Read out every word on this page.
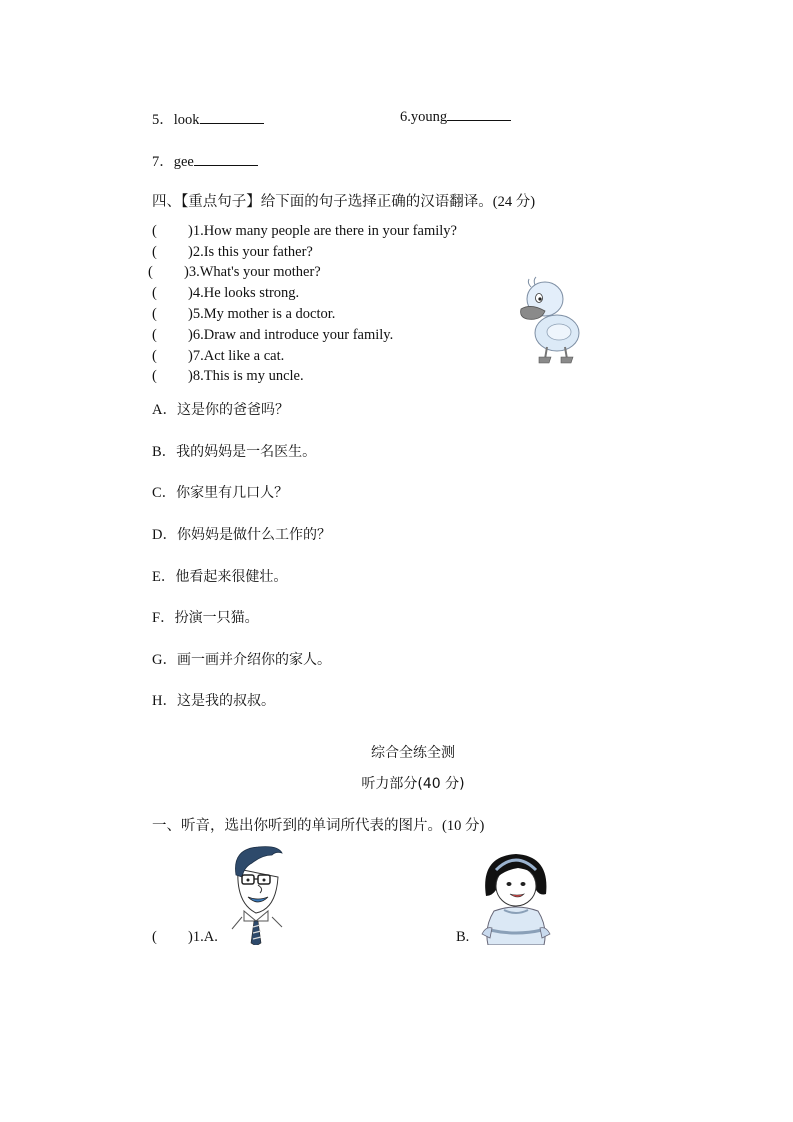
5．look	6.young
7．gee
四、【重点句子】给下面的句子选择正确的汉语翻译。(24 分)
( )1.How many people are there in your family?
( )2.Is this your father?
( )3.What's your mother?
( )4.He looks strong.
( )5.My mother is a doctor.
( )6.Draw and introduce your family.
( )7.Act like a cat.
( )8.This is my uncle.
A．这是你的爸爸吗？
B．我的妈妈是一名医生。
C．你家里有几口人？
D．你妈妈是做什么工作的？
E．他看起来很健壮。
F．扮演一只猫。
G．画一画并介绍你的家人。
H．这是我的叔叔。
综合全练全测
听力部分(40 分)
一、听音，选出你听到的单词所代表的图片。(10 分)
( )1.A.	B.
